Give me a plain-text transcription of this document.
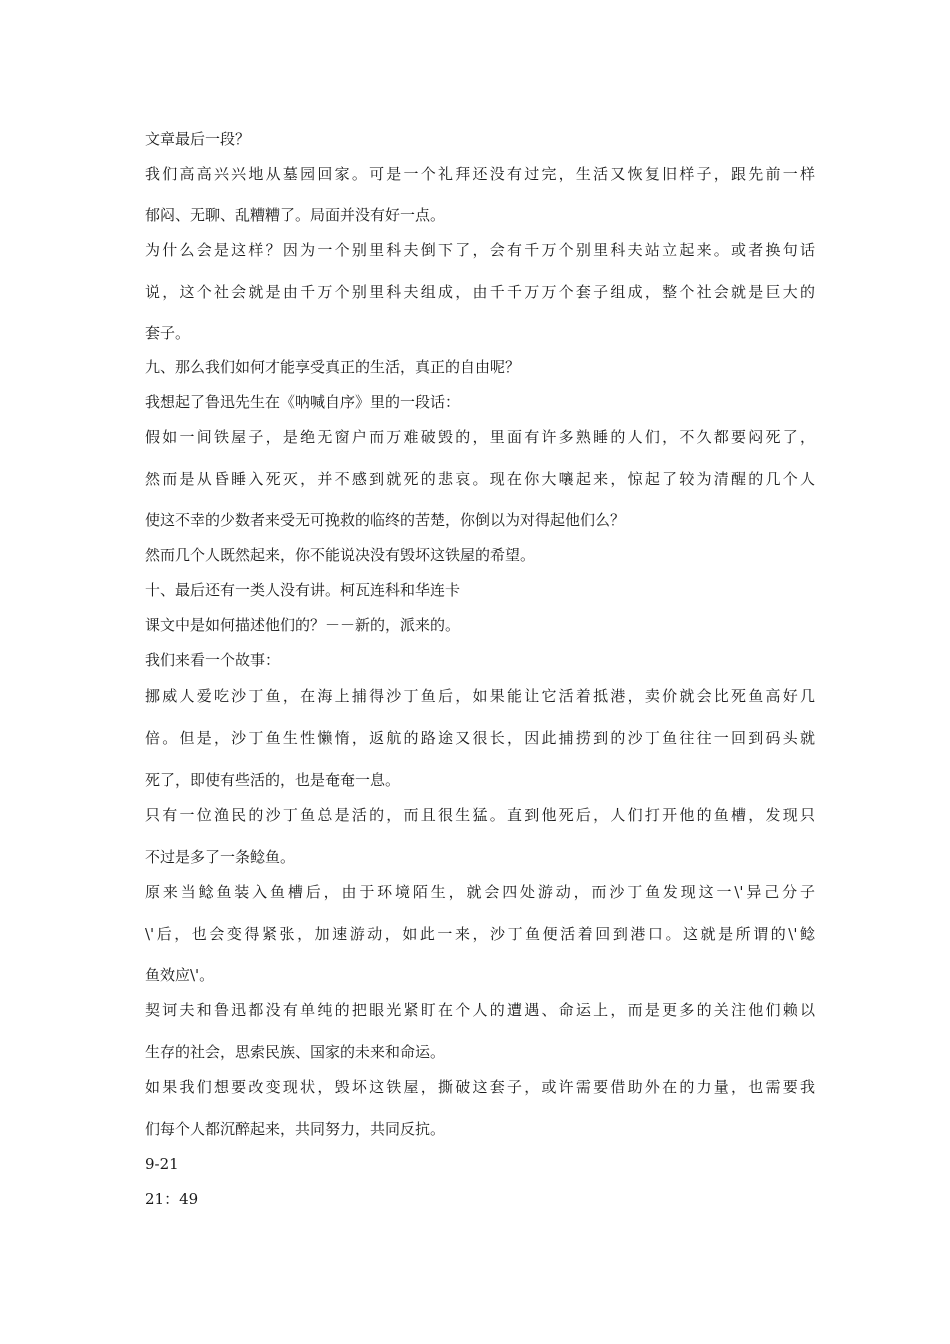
文章最后一段？
我们高高兴兴地从墓园回家。可是一个礼拜还没有过完，生活又恢复旧样子，跟先前一样
郁闷、无聊、乱糟糟了。局面并没有好一点。
为什么会是这样？因为一个别里科夫倒下了，会有千万个别里科夫站立起来。或者换句话
说，这个社会就是由千万个别里科夫组成，由千千万万个套子组成，整个社会就是巨大的
套子。
九、那么我们如何才能享受真正的生活，真正的自由呢？
我想起了鲁迅先生在《呐喊自序》里的一段话：
假如一间铁屋子，是绝无窗户而万难破毁的，里面有许多熟睡的人们，不久都要闷死了，
然而是从昏睡入死灭，并不感到就死的悲哀。现在你大嚷起来，惊起了较为清醒的几个人
使这不幸的少数者来受无可挽救的临终的苦楚，你倒以为对得起他们么？
然而几个人既然起来，你不能说决没有毁坏这铁屋的希望。
十、最后还有一类人没有讲。柯瓦连科和华连卡
课文中是如何描述他们的？－－新的，派来的。
我们来看一个故事：
挪威人爱吃沙丁鱼，在海上捕得沙丁鱼后，如果能让它活着抵港，卖价就会比死鱼高好几
倍。但是，沙丁鱼生性懒惰，返航的路途又很长，因此捕捞到的沙丁鱼往往一回到码头就
死了，即使有些活的，也是奄奄一息。
只有一位渔民的沙丁鱼总是活的，而且很生猛。直到他死后，人们打开他的鱼槽，发现只
不过是多了一条鲶鱼。
原来当鲶鱼装入鱼槽后，由于环境陌生，就会四处游动，而沙丁鱼发现这一\'异己分子
\'后，也会变得紧张，加速游动，如此一来，沙丁鱼便活着回到港口。这就是所谓的\'鲶
鱼效应\'。
契诃夫和鲁迅都没有单纯的把眼光紧盯在个人的遭遇、命运上，而是更多的关注他们赖以
生存的社会，思索民族、国家的未来和命运。
如果我们想要改变现状，毁坏这铁屋，撕破这套子，或许需要借助外在的力量，也需要我
们每个人都沉醉起来，共同努力，共同反抗。
9-21
21：49
